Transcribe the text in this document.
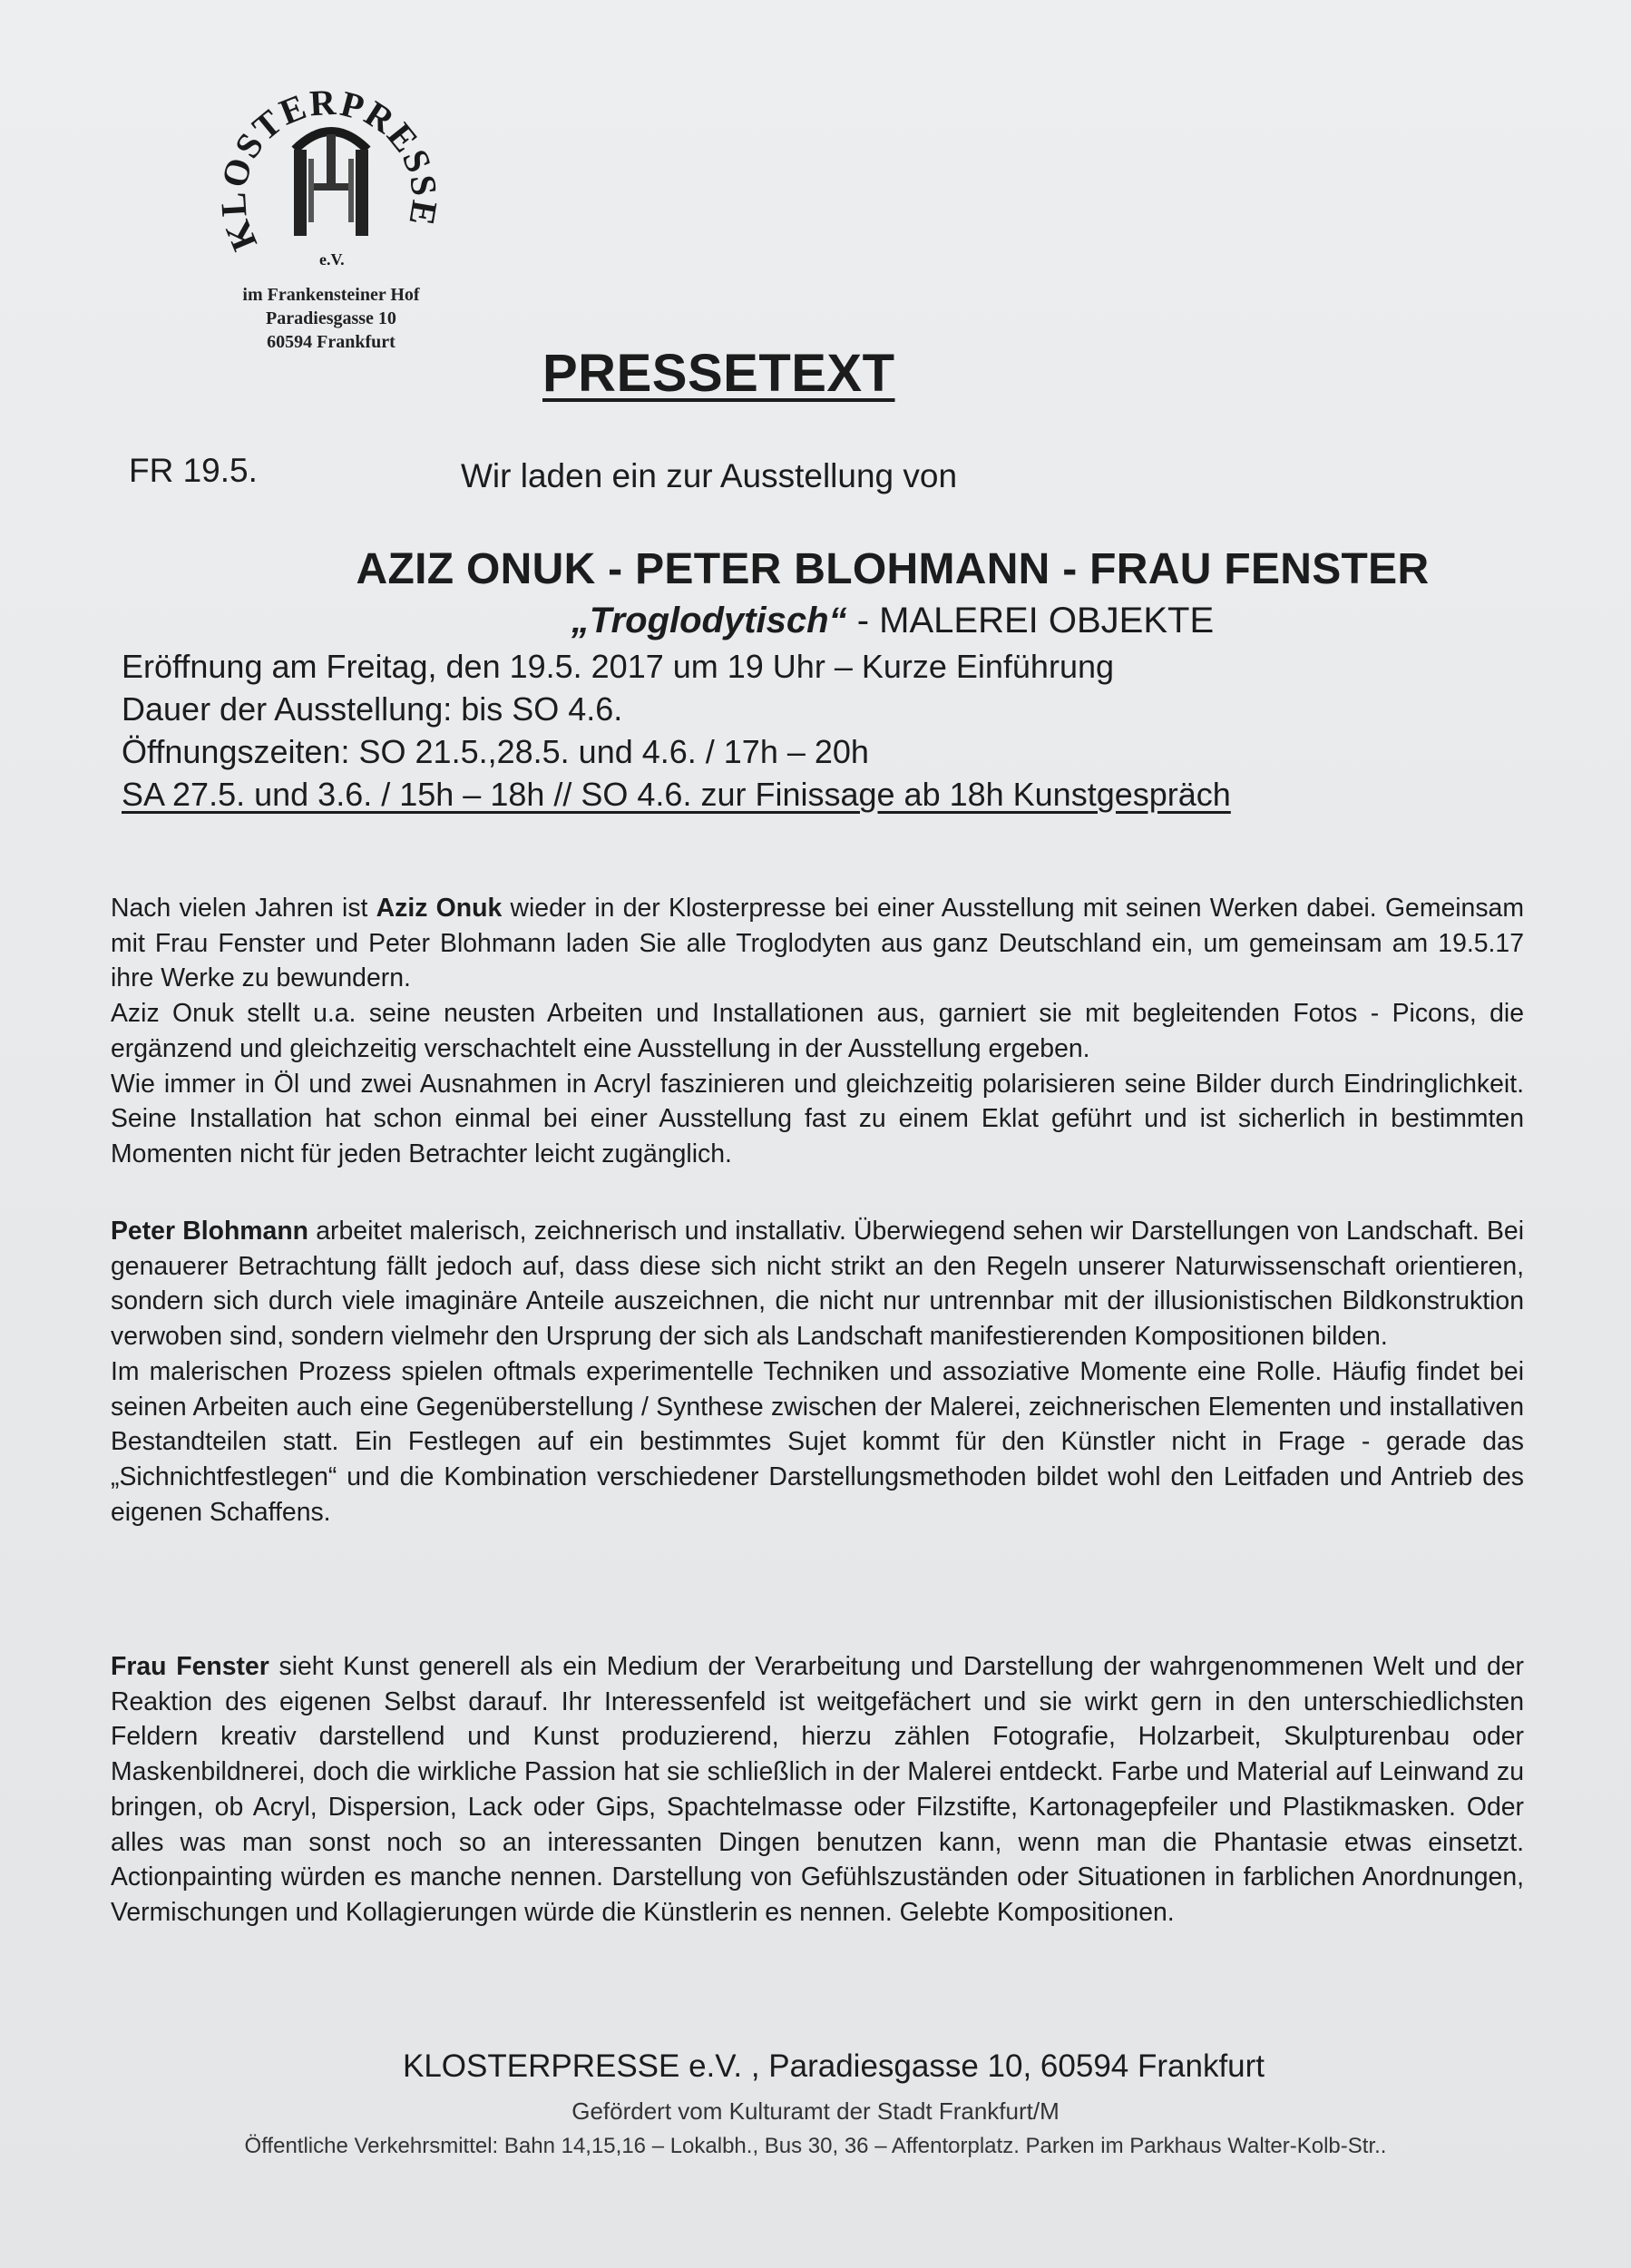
KLOSTERPRESSE
e.V.
im Frankensteiner Hof
Paradiesgasse 10
60594 Frankfurt
PRESSETEXT
FR 19.5.	Wir laden ein zur Ausstellung von
AZIZ ONUK - PETER BLOHMANN - FRAU FENSTER
„Troglodytisch“ - MALEREI OBJEKTE
Eröffnung am Freitag, den 19.5. 2017 um 19 Uhr – Kurze Einführung
Dauer der Ausstellung: bis SO 4.6.
Öffnungszeiten: SO 21.5.,28.5. und 4.6. / 17h – 20h
SA 27.5. und 3.6. / 15h – 18h // SO 4.6. zur Finissage ab 18h Kunstgespräch

Nach vielen Jahren ist Aziz Onuk wieder in der Klosterpresse bei einer Ausstellung mit seinen Werken dabei. Gemeinsam mit Frau Fenster und Peter Blohmann laden Sie alle Troglodyten aus ganz Deutschland ein, um gemeinsam am 19.5.17 ihre Werke zu bewundern.

Aziz Onuk stellt u.a. seine neusten Arbeiten und Installationen aus, garniert sie mit begleitenden Fotos - Picons, die ergänzend und gleichzeitig verschachtelt eine Ausstellung in der Ausstellung ergeben.

Wie immer in Öl und zwei Ausnahmen in Acryl faszinieren und gleichzeitig polarisieren seine Bilder durch Eindringlichkeit. Seine Installation hat schon einmal bei einer Ausstellung fast zu einem Eklat geführt und ist sicherlich in bestimmten Momenten nicht für jeden Betrachter leicht zugänglich.

Peter Blohmann arbeitet malerisch, zeichnerisch und installativ. Überwiegend sehen wir Darstellungen von Landschaft. Bei genauerer Betrachtung fällt jedoch auf, dass diese sich nicht strikt an den Regeln unserer Naturwissenschaft orientieren, sondern sich durch viele imaginäre Anteile auszeichnen, die nicht nur untrennbar mit der illusionistischen Bildkonstruktion verwoben sind, sondern vielmehr den Ursprung der sich als Landschaft manifestierenden Kompositionen bilden.

Im malerischen Prozess spielen oftmals experimentelle Techniken und assoziative Momente eine Rolle. Häufig findet bei seinen Arbeiten auch eine Gegenüberstellung / Synthese zwischen der Malerei, zeichnerischen Elementen und installativen Bestandteilen statt. Ein Festlegen auf ein bestimmtes Sujet kommt für den Künstler nicht in Frage - gerade das „Sichnichtfestlegen“ und die Kombination verschiedener Darstellungsmethoden bildet wohl den Leitfaden und Antrieb des eigenen Schaffens.

Frau Fenster sieht Kunst generell als ein Medium der Verarbeitung und Darstellung der wahrgenommenen Welt und der Reaktion des eigenen Selbst darauf. Ihr Interessenfeld ist weitgefächert und sie wirkt gern in den unterschiedlichsten Feldern kreativ darstellend und Kunst produzierend, hierzu zählen Fotografie, Holzarbeit, Skulpturenbau oder Maskenbildnerei, doch die wirkliche Passion hat sie schließlich in der Malerei entdeckt. Farbe und Material auf Leinwand zu bringen, ob Acryl, Dispersion, Lack oder Gips, Spachtelmasse oder Filzstifte, Kartonagepfeiler und Plastikmasken. Oder alles was man sonst noch so an interessanten Dingen benutzen kann, wenn man die Phantasie etwas einsetzt. Actionpainting würden es manche nennen. Darstellung von Gefühlszuständen oder Situationen in farblichen Anordnungen, Vermischungen und Kollagierungen würde die Künstlerin es nennen. Gelebte Kompositionen.

KLOSTERPRESSE e.V. , Paradiesgasse 10, 60594 Frankfurt
Gefördert vom Kulturamt der Stadt Frankfurt/M
Öffentliche Verkehrsmittel: Bahn 14,15,16 – Lokalbh., Bus 30, 36 – Affentorplatz. Parken im Parkhaus Walter-Kolb-Str..
